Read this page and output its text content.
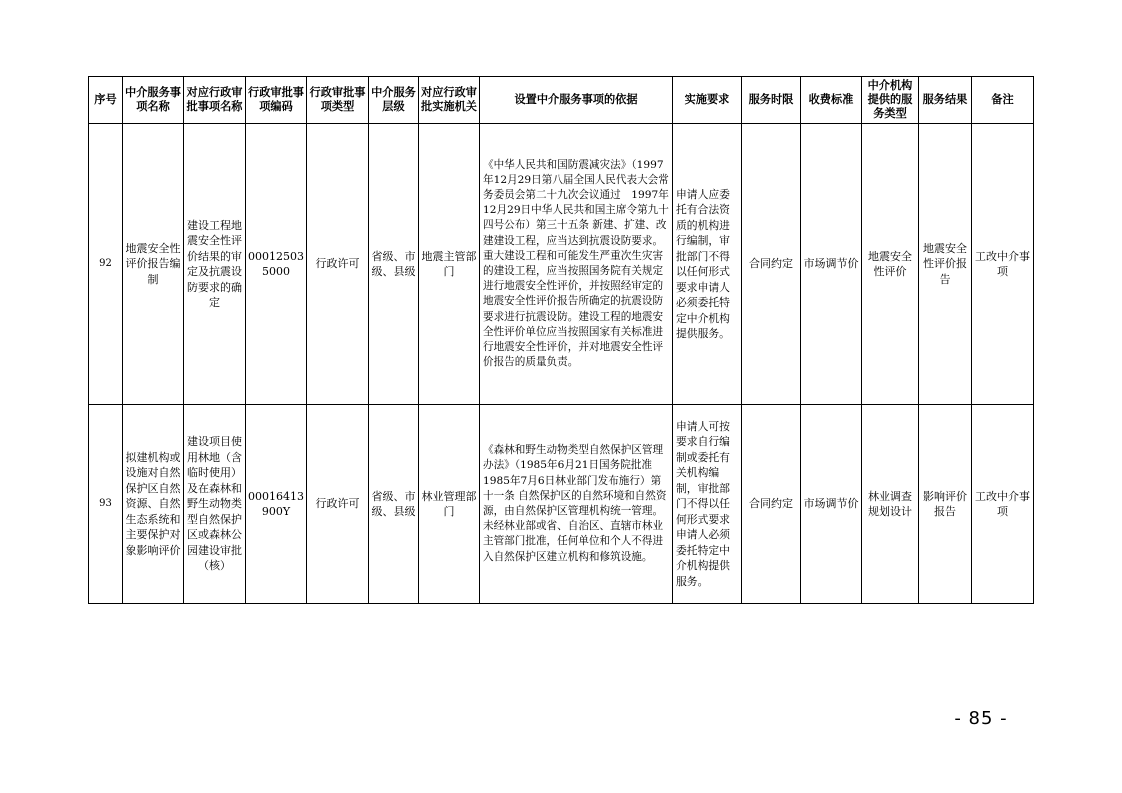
序号	中介服务事项名称	对应行政审批事项名称	行政审批事项编码	行政审批事项类型	中介服务层级	对应行政审批实施机关	设置中介服务事项的依据	实施要求	服务时限	收费标准	中介机构提供的服务类型	服务结果	备注
92	地震安全性评价报告编制	建设工程地震安全性评价结果的审定及抗震设防要求的确定	000125035000	行政许可	省级、市级、县级	地震主管部门	《中华人民共和国防震减灾法》（1997年12月29日第八届全国人民代表大会常务委员会第二十九次会议通过　1997年12月29日中华人民共和国主席令第九十四号公布）第三十五条 新建、扩建、改建建设工程，应当达到抗震设防要求。重大建设工程和可能发生严重次生灾害的建设工程，应当按照国务院有关规定进行地震安全性评价，并按照经审定的地震安全性评价报告所确定的抗震设防要求进行抗震设防。建设工程的地震安全性评价单位应当按照国家有关标准进行地震安全性评价，并对地震安全性评价报告的质量负责。	申请人应委托有合法资质的机构进行编制，审批部门不得以任何形式要求申请人必须委托特定中介机构提供服务。	合同约定	市场调节价	地震安全性评价	地震安全性评价报告	工改中介事项
93	拟建机构或设施对自然保护区自然资源、自然生态系统和主要保护对象影响评价	建设项目使用林地（含临时使用）及在森林和野生动物类型自然保护区或森林公园建设审批（核）	00016413900Y	行政许可	省级、市级、县级	林业管理部门	《森林和野生动物类型自然保护区管理办法》（1985年6月21日国务院批准　1985年7月6日林业部门发布施行）第十一条 自然保护区的自然环境和自然资源，由自然保护区管理机构统一管理。未经林业部或省、自治区、直辖市林业主管部门批准，任何单位和个人不得进入自然保护区建立机构和修筑设施。	申请人可按要求自行编制或委托有关机构编制，审批部门不得以任何形式要求申请人必须委托特定中介机构提供服务。	合同约定	市场调节价	林业调查规划设计	影响评价报告	工改中介事项
- 85 -
